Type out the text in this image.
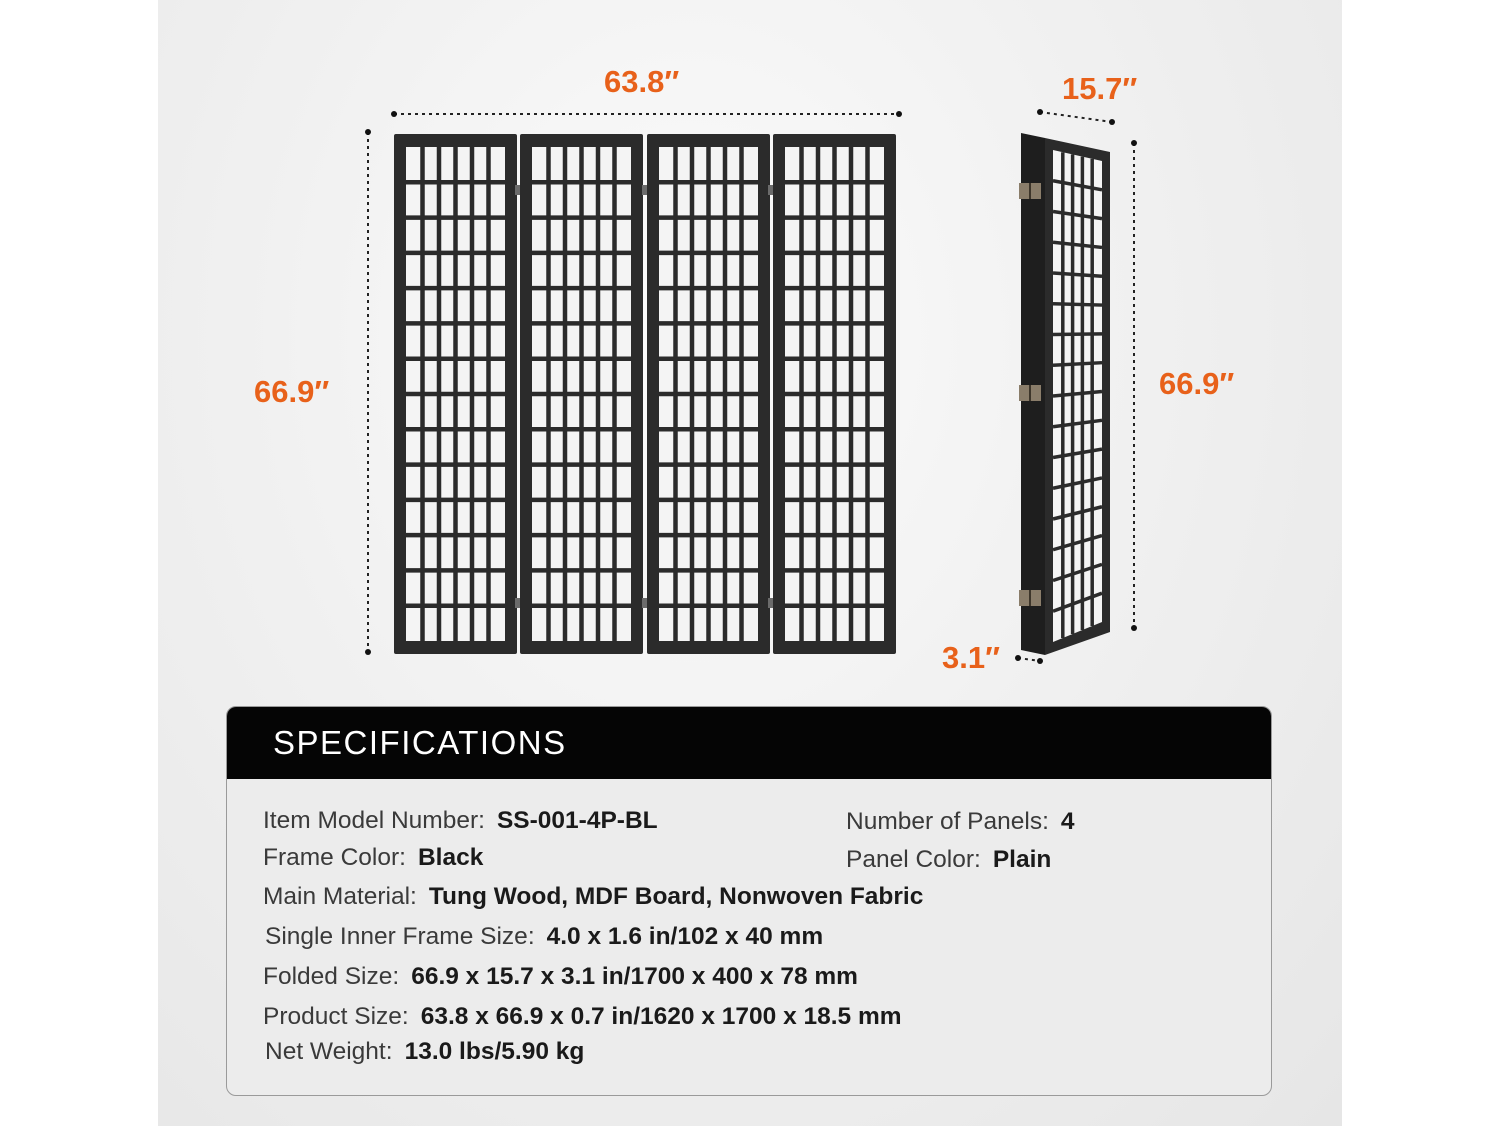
63.8″
66.9″
15.7″
66.9″
3.1″
SPECIFICATIONS
Item Model Number: SS-001-4P-BL	Number of Panels: 4
Frame Color: Black	Panel Color: Plain
Main Material: Tung Wood, MDF Board, Nonwoven Fabric
Single Inner Frame Size: 4.0 x 1.6 in/102 x 40 mm
Folded Size: 66.9 x 15.7 x 3.1 in/1700 x 400 x 78 mm
Product Size: 63.8 x 66.9 x 0.7 in/1620 x 1700 x 18.5 mm
Net Weight: 13.0 lbs/5.90 kg
